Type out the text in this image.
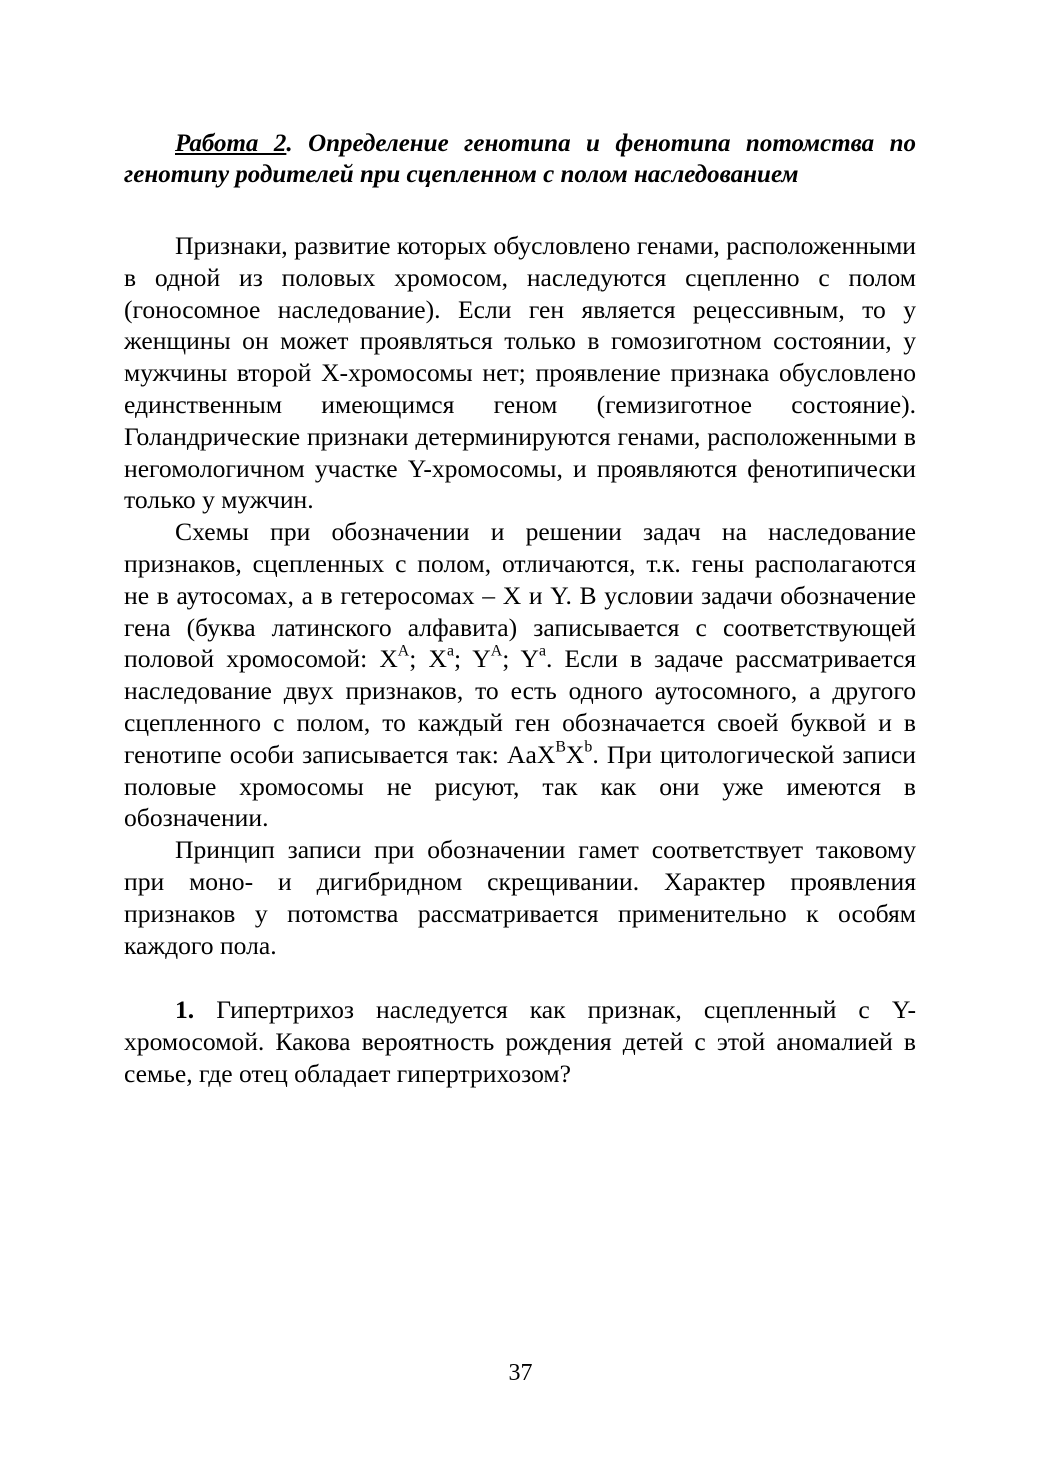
Работа 2. Определение генотипа и фенотипа потомства по генотипу родителей при сцепленном с полом наследованием

Признаки, развитие которых обусловлено генами, расположенными в одной из половых хромосом, наследуются сцепленно с полом (гоносомное наследование). Если ген является рецессивным, то у женщины он может проявляться только в гомозиготном состоянии, у мужчины второй Х-хромосомы нет; проявление признака обусловлено единственным имеющимся геном (гемизиготное состояние). Голандрические признаки детерминируются генами, расположенными в негомологичном участке Y-хромосомы, и проявляются фенотипически только у мужчин.

Схемы при обозначении и решении задач на наследование признаков, сцепленных с полом, отличаются, т.к. гены располагаются не в аутосомах, а в гетеросомах – X и Y. В условии задачи обозначение гена (буква латинского алфавита) записывается с соответствующей половой хромосомой: $X^A$; $X^a$; $Y^A$; $Y^a$. Если в задаче рассматривается наследование двух признаков, то есть одного аутосомного, а другого сцепленного с полом, то каждый ген обозначается своей буквой и в генотипе особи записывается так: $AaX^BX^b$. При цитологической записи половые хромосомы не рисуют, так как они уже имеются в обозначении.

Принцип записи при обозначении гамет соответствует таковому при моно- и дигибридном скрещивании. Характер проявления признаков у потомства рассматривается применительно к особям каждого пола.

1. Гипертрихоз наследуется как признак, сцепленный с Y-хромосомой. Какова вероятность рождения детей с этой аномалией в семье, где отец обладает гипертрихозом?

37
